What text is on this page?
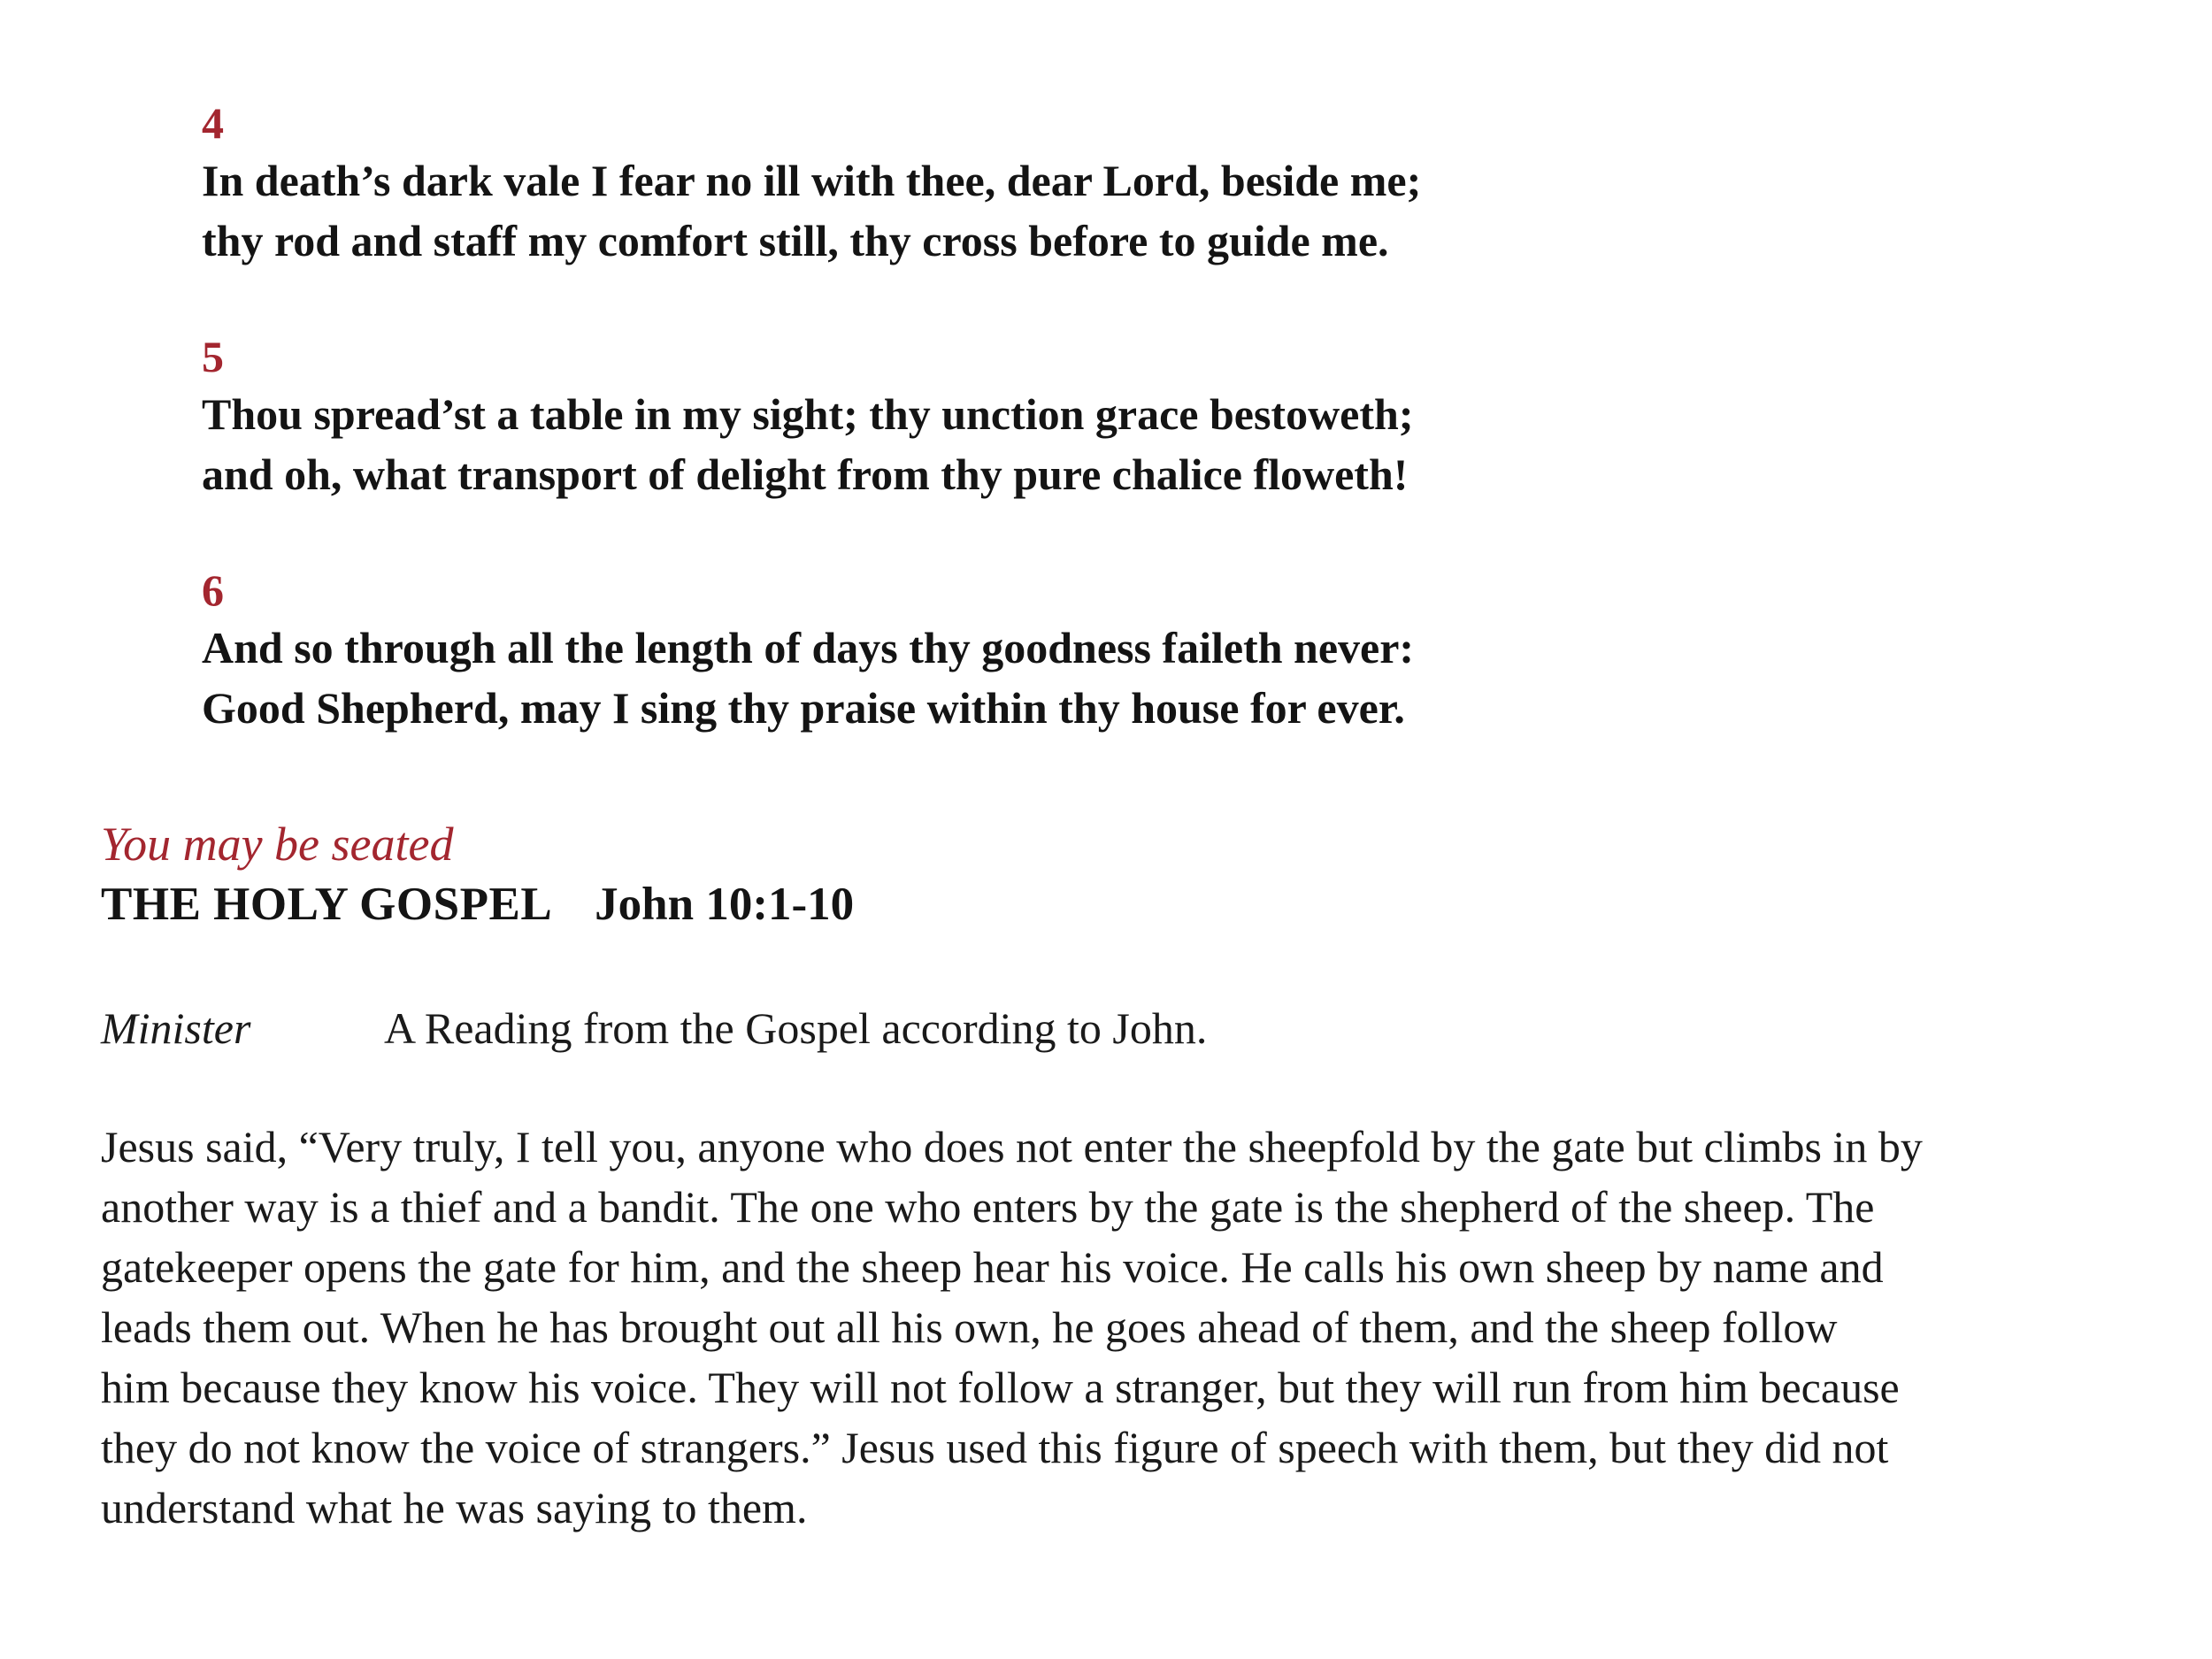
4
In death’s dark vale I fear no ill with thee, dear Lord, beside me;
thy rod and staff my comfort still, thy cross before to guide me.
5
Thou spread’st a table in my sight; thy unction grace bestoweth;
and oh, what transport of delight from thy pure chalice floweth!
6
And so through all the length of days thy goodness faileth never:
Good Shepherd, may I sing thy praise within thy house for ever.
You may be seated
THE HOLY GOSPEL John 10:1-10
Minister	A Reading from the Gospel according to John.
Jesus said, “Very truly, I tell you, anyone who does not enter the sheepfold by the gate but climbs in by
another way is a thief and a bandit. The one who enters by the gate is the shepherd of the sheep. The
gatekeeper opens the gate for him, and the sheep hear his voice. He calls his own sheep by name and
leads them out. When he has brought out all his own, he goes ahead of them, and the sheep follow
him because they know his voice. They will not follow a stranger, but they will run from him because
they do not know the voice of strangers.” Jesus used this figure of speech with them, but they did not
understand what he was saying to them.
